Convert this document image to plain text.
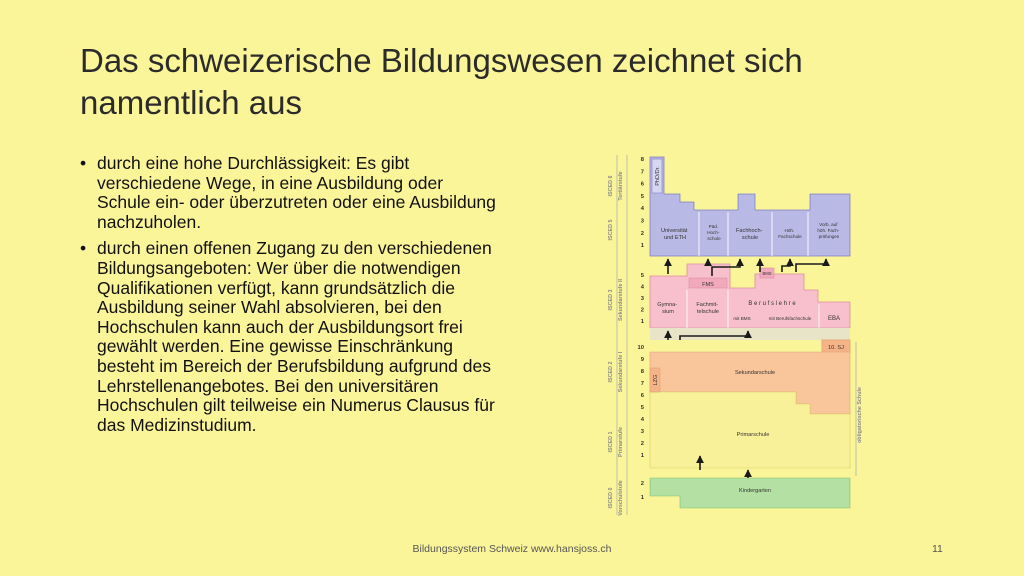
Das schweizerische Bildungswesen zeichnet sich namentlich aus
• durch eine hohe Durchlässigkeit: Es gibt verschiedene Wege, in eine Ausbildung oder Schule ein- oder überzutreten oder eine Ausbildung nachzuholen.
• durch einen offenen Zugang zu den verschiedenen Bildungsangeboten: Wer über die notwendigen Qualifikationen verfügt, kann grundsätzlich die Ausbildung seiner Wahl absolvieren, bei den Hochschulen kann auch der Ausbildungsort frei gewählt werden. Eine gewisse Einschränkung besteht im Bereich der Berufsbildung aufgrund des Lehrstellenangebotes. Bei den universitären Hochschulen gilt teilweise ein Numerus Clausus für das Medizinstudium.
ISCED 6 Tertiärstufe
ISCED 5
ISCED 3 Sekundarstufe II
ISCED 2 Sekundarstufe I
ISCED 1 Primarstufe
ISCED 0 Vorschulstufe
obligatorische Schule
PhD/Dr.
Universität und ETH
Päd. Hoch- schule
Fachhoch- schule
Höh. Fachschule
Vorb. auf höh. Fach- prüfungen
FMS
BMS
Gymna- sium
Fachmit- telschule
B e r u f s l e h r e
mit BMS	mit Berufsfachschule	EBA
10. SJ
LZG
Sekundarschule
Primarschule
Kindergarten
8
7
6
5
4
3
2
1
5
4
3
2
1
10
9
8
7
6
5
4
3
2
1
2
1
Bildungssystem Schweiz www.hansjoss.ch	11
